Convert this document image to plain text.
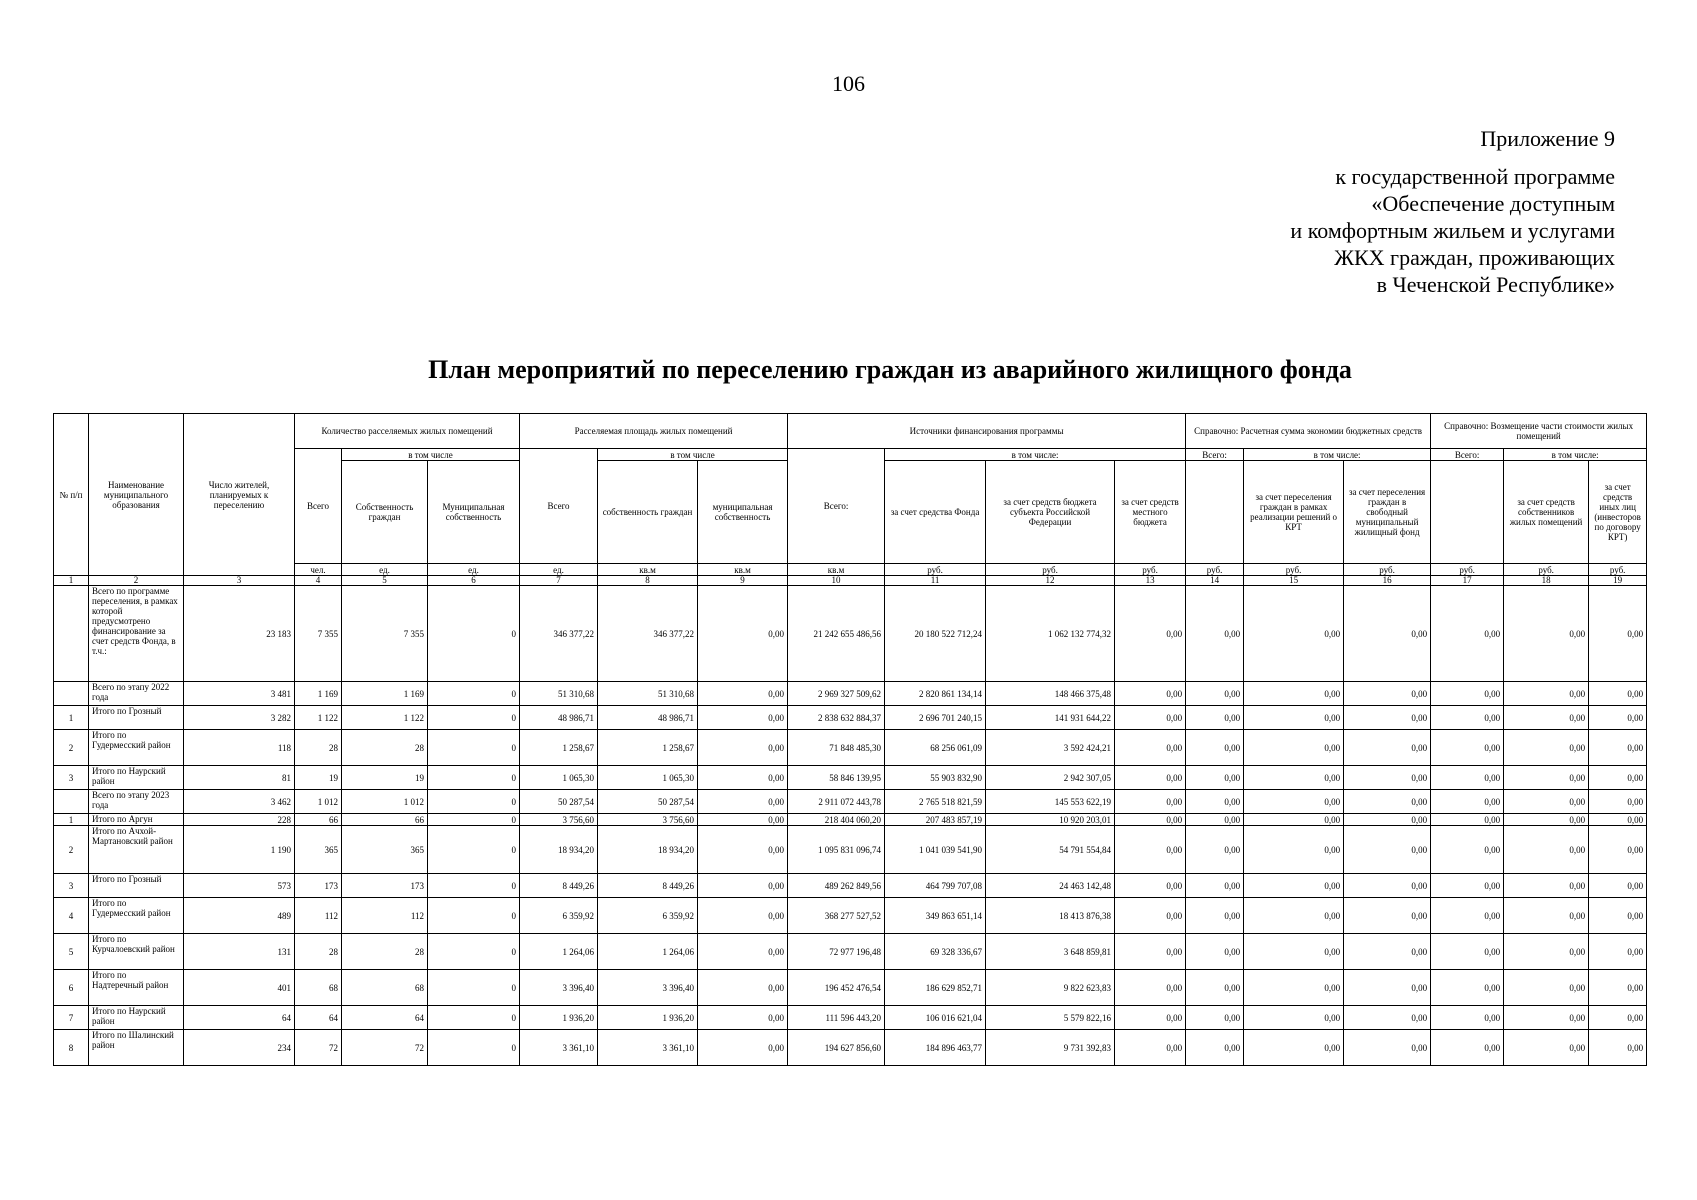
106
Приложение 9
к государственной программе
«Обеспечение доступным
и комфортным жильем и услугами
ЖКХ граждан, проживающих
в Чеченской Республике»
План мероприятий по переселению граждан из аварийного жилищного фонда
№ п/п	Наименование муниципального образования	Число жителей, планируемых к переселению	Количество расселяемых жилых помещений			Расселяемая площадь жилых помещений			Источники финансирования программы				Справочно: Расчетная сумма экономии бюджетных средств			Справочно: Возмещение части стоимости жилых помещений			
			Всего	в том числе		Всего	в том числе		Всего:	в том числе:			Всего:	в том числе:		Всего:	в том числе:		
				Собственность граждан	Муниципальная собственность		собственность граждан	муниципальная собственность		за счет средства Фонда	за счет средств бюджета субъекта Российской Федерации	за счет средств местного бюджета		за счет переселения граждан в рамках реализации решений о КРТ	за счет переселения граждан в свободный муниципальный жилищный фонд		за счет средств собственников жилых помещений	за счет средств иных лиц (инвесторов по договору КРТ)	
			чел.	ед.	ед.	ед.	кв.м	кв.м	кв.м	руб.	руб.	руб.	руб.	руб.	руб.	руб.	руб.	руб.	
1	2	3	4	5	6	7	8	9	10	11	12	13	14	15	16	17	18	19	
	Всего по программе переселения, в рамках которой предусмотрено финансирование за счет средств Фонда, в т.ч.:	23 183	7 355	7 355	0	346 377,22	346 377,22	0,00	21 242 655 486,56	20 180 522 712,24	1 062 132 774,32	0,00	0,00	0,00	0,00	0,00	0,00	0,00	
	Всего по этапу 2022 года	3 481	1 169	1 169	0	51 310,68	51 310,68	0,00	2 969 327 509,62	2 820 861 134,14	148 466 375,48	0,00	0,00	0,00	0,00	0,00	0,00	0,00	
1	Итого по Грозный	3 282	1 122	1 122	0	48 986,71	48 986,71	0,00	2 838 632 884,37	2 696 701 240,15	141 931 644,22	0,00	0,00	0,00	0,00	0,00	0,00	0,00	
2	Итого по Гудермесский район	118	28	28	0	1 258,67	1 258,67	0,00	71 848 485,30	68 256 061,09	3 592 424,21	0,00	0,00	0,00	0,00	0,00	0,00	0,00	
3	Итого по Наурский район	81	19	19	0	1 065,30	1 065,30	0,00	58 846 139,95	55 903 832,90	2 942 307,05	0,00	0,00	0,00	0,00	0,00	0,00	0,00	
	Всего по этапу 2023 года	3 462	1 012	1 012	0	50 287,54	50 287,54	0,00	2 911 072 443,78	2 765 518 821,59	145 553 622,19	0,00	0,00	0,00	0,00	0,00	0,00	0,00	
1	Итого по Аргун	228	66	66	0	3 756,60	3 756,60	0,00	218 404 060,20	207 483 857,19	10 920 203,01	0,00	0,00	0,00	0,00	0,00	0,00	0,00	
2	Итого по Ачхой-Мартановский район	1 190	365	365	0	18 934,20	18 934,20	0,00	1 095 831 096,74	1 041 039 541,90	54 791 554,84	0,00	0,00	0,00	0,00	0,00	0,00	0,00	
3	Итого по Грозный	573	173	173	0	8 449,26	8 449,26	0,00	489 262 849,56	464 799 707,08	24 463 142,48	0,00	0,00	0,00	0,00	0,00	0,00	0,00	
4	Итого по Гудермесский район	489	112	112	0	6 359,92	6 359,92	0,00	368 277 527,52	349 863 651,14	18 413 876,38	0,00	0,00	0,00	0,00	0,00	0,00	0,00	
5	Итого по Курчалоевский район	131	28	28	0	1 264,06	1 264,06	0,00	72 977 196,48	69 328 336,67	3 648 859,81	0,00	0,00	0,00	0,00	0,00	0,00	0,00	
6	Итого по Надтеречный район	401	68	68	0	3 396,40	3 396,40	0,00	196 452 476,54	186 629 852,71	9 822 623,83	0,00	0,00	0,00	0,00	0,00	0,00	0,00	
7	Итого по Наурский район	64	64	64	0	1 936,20	1 936,20	0,00	111 596 443,20	106 016 621,04	5 579 822,16	0,00	0,00	0,00	0,00	0,00	0,00	0,00	
8	Итого по Шалинский район	234	72	72	0	3 361,10	3 361,10	0,00	194 627 856,60	184 896 463,77	9 731 392,83	0,00	0,00	0,00	0,00	0,00	0,00	0,00	
